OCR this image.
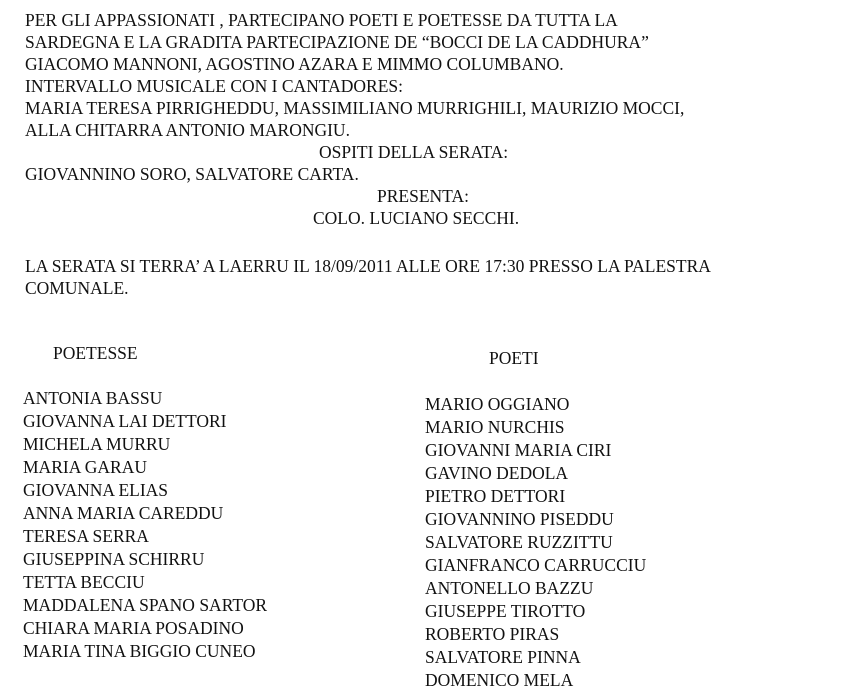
PER GLI APPASSIONATI , PARTECIPANO POETI E POETESSE DA TUTTA LA
SARDEGNA E LA GRADITA PARTECIPAZIONE DE “BOCCI DE LA CADDHURA”
GIACOMO MANNONI, AGOSTINO AZARA E MIMMO COLUMBANO.
INTERVALLO MUSICALE CON I CANTADORES:
MARIA TERESA PIRRIGHEDDU, MASSIMILIANO MURRIGHILI, MAURIZIO MOCCI,
ALLA CHITARRA ANTONIO MARONGIU.
OSPITI DELLA SERATA:
GIOVANNINO SORO, SALVATORE CARTA.
PRESENTA:
COLO. LUCIANO SECCHI.
LA SERATA SI TERRA’ A LAERRU IL 18/09/2011 ALLE ORE 17:30 PRESSO LA PALESTRA
COMUNALE.
POETESSE	POETI
ANTONIA BASSU
GIOVANNA LAI DETTORI
MICHELA MURRU
MARIA GARAU
GIOVANNA ELIAS
ANNA MARIA CAREDDU
TERESA SERRA
GIUSEPPINA SCHIRRU
TETTA BECCIU
MADDALENA SPANO SARTOR
CHIARA MARIA POSADINO
MARIA TINA BIGGIO CUNEO
MARIO OGGIANO
MARIO NURCHIS
GIOVANNI MARIA CIRI
GAVINO DEDOLA
PIETRO DETTORI
GIOVANNINO PISEDDU
SALVATORE RUZZITTU
GIANFRANCO CARRUCCIU
ANTONELLO BAZZU
GIUSEPPE TIROTTO
ROBERTO PIRAS
SALVATORE PINNA
DOMENICO MELA
